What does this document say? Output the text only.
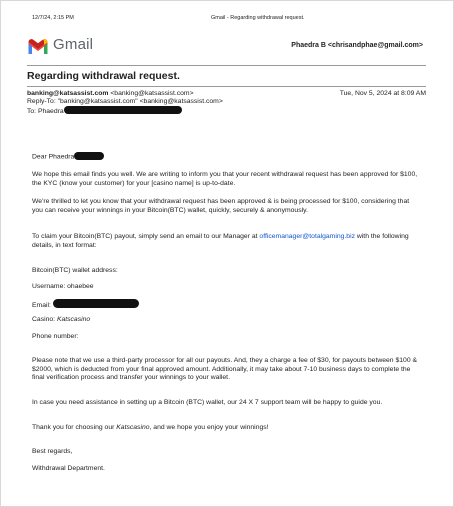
12/7/24, 2:15 PM	Gmail - Regarding withdrawal request.
Gmail	Phaedra B <chrisandphae@gmail.com>
Regarding withdrawal request.
banking@katsassist.com <banking@katsassist.com>	Tue, Nov 5, 2024 at 8:09 AM
Reply-To: "banking@katsassist.com" <banking@katsassist.com>
To: Phaedra

Dear Phaedra

We hope this email finds you well. We are writing to inform you that your recent withdrawal request has been approved for $100, the KYC (know your customer) for your [casino name] is up-to-date.

We're thrilled to let you know that your withdrawal request has been approved & is being processed for $100, considering that you can receive your winnings in your Bitcoin(BTC) wallet, quickly, securely & anonymously.

To claim your Bitcoin(BTC) payout, simply send an email to our Manager at officemanager@totalgaming.biz with the following details, in text format:

Bitcoin(BTC) wallet address:

Username: ohaebee

Email:

Casino: Katscasino

Phone number:

Please note that we use a third-party processor for all our payouts. And, they a charge a fee of $30, for payouts between $100 & $2000, which is deducted from your final approved amount. Additionally, it may take about 7-10 business days to complete the final verification process and transfer your winnings to your wallet.

In case you need assistance in setting up a Bitcoin (BTC) wallet, our 24 X 7 support team will be happy to guide you.

Thank you for choosing our Katscasino, and we hope you enjoy your winnings!

Best regards,

Withdrawal Department.
